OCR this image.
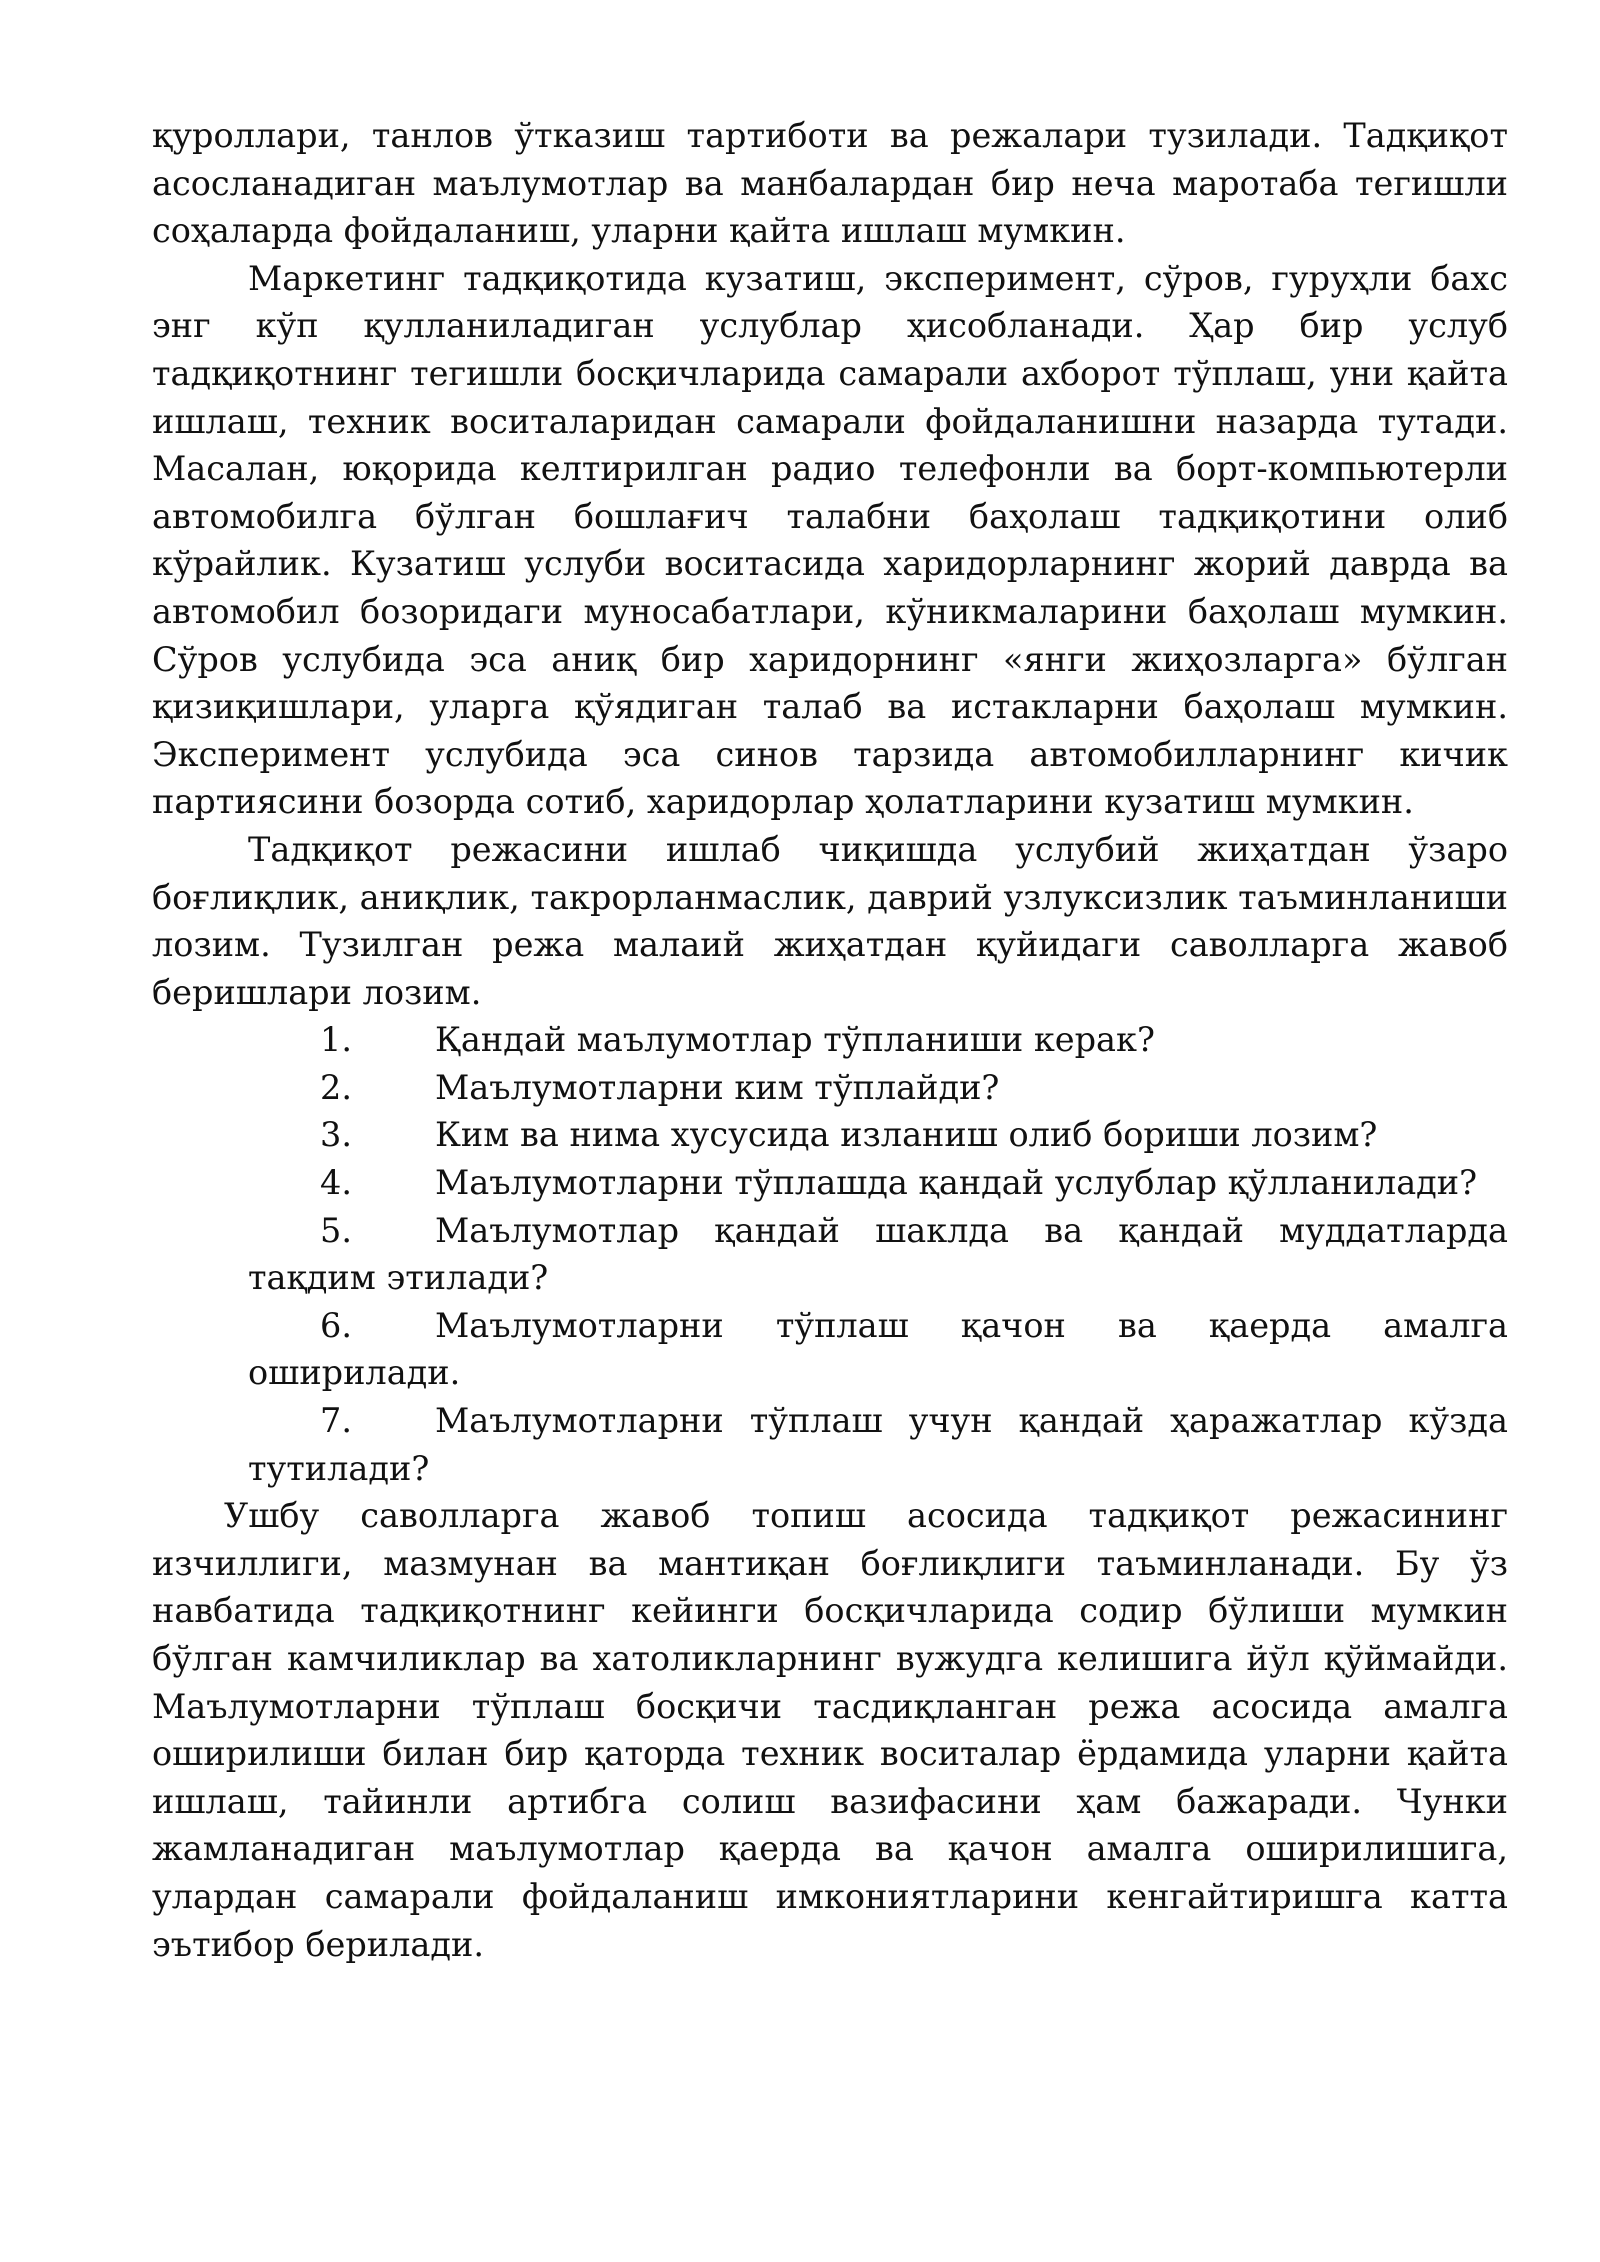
қуроллари, танлов ўтказиш тартиботи ва режалари тузилади. Тадқиқот асосланадиган маълумотлар ва манбалардан бир неча маротаба тегишли соҳаларда фойдаланиш, уларни қайта ишлаш мумкин.

Маркетинг тадқиқотида кузатиш, эксперимент, сўров, гуруҳли бахс энг кўп қулланиладиган услублар ҳисобланади. Ҳар бир услуб тадқиқотнинг тегишли босқичларида самарали ахборот тўплаш, уни қайта ишлаш, техник воситаларидан самарали фойдаланишни назарда тутади. Масалан, юқорида келтирилган радио телефонли ва борт-компьютерли автомобилга бўлган бошлағич талабни баҳолаш тадқиқотини олиб кўрайлик. Кузатиш услуби воситасида харидорларнинг жорий даврда ва автомобил бозоридаги муносабатлари, кўникмаларини баҳолаш мумкин. Сўров услубида эса аниқ бир харидорнинг «янги жиҳозларга» бўлган қизиқишлари, уларга қўядиган талаб ва истакларни баҳолаш мумкин. Эксперимент услубида эса синов тарзида автомобилларнинг кичик партиясини бозорда сотиб, харидорлар ҳолатларини кузатиш мумкин.

Тадқиқот режасини ишлаб чиқишда услубий жиҳатдан ўзаро боғлиқлик, аниқлик, такрорланмаслик, даврий узлуксизлик таъминланиши лозим. Тузилган режа малаий жиҳатдан қуйидаги саволларга жавоб беришлари лозим.

1.	Қандай маълумотлар тўпланиши керак?
2.	Маълумотларни ким тўплайди?
3.	Ким ва нима хусусида изланиш олиб бориши лозим?
4.	Маълумотларни тўплашда қандай услублар қўлланилади?
5.	Маълумотлар қандай шаклда ва қандай муддатларда
тақдим этилади?
6.	Маълумотларни тўплаш қачон ва қаерда амалга
оширилади.
7.	Маълумотларни тўплаш учун қандай ҳаражатлар кўзда
тутилади?

Ушбу саволларга жавоб топиш асосида тадқиқот режасининг изчиллиги, мазмунан ва мантиқан боғлиқлиги таъминланади. Бу ўз навбатида тадқиқотнинг кейинги босқичларида содир бўлиши мумкин бўлган камчиликлар ва хатоликларнинг вужудга келишига йўл қўймайди. Маълумотларни тўплаш босқичи тасдиқланган режа асосида амалга оширилиши билан бир қаторда техник воситалар ёрдамида уларни қайта ишлаш, тайинли артибга солиш вазифасини ҳам бажаради. Чунки жамланадиган маълумотлар қаерда ва қачон амалга оширилишига, улардан самарали фойдаланиш имкониятларини кенгайтиришга катта эътибор берилади.
